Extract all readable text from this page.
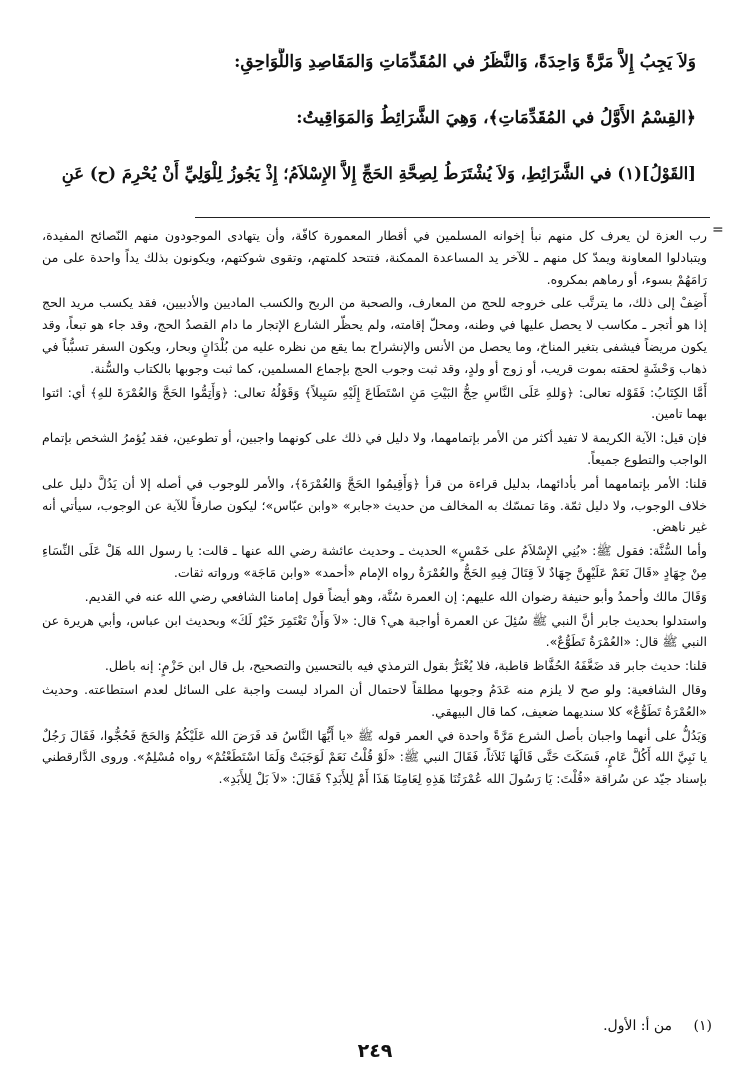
وَلاَ يَجِبُ إِلاَّ مَرَّةً وَاحِدَةً، وَالنَّظَرُ في المُقَدِّمَاتِ وَالمَقَاصِدِ وَاللَّوَاحِقِ:
﴿القِسْمُ الأَوَّلُ في المُقَدِّمَاتِ﴾، وَهِيَ الشَّرَائِطُ وَالمَوَاقِيتُ:
[القَوْلُ](١) في الشَّرَائِطِ، وَلاَ يُشْتَرَطُ لِصِحَّةِ الحَجِّ إِلاَّ الإِسْلاَمُ؛ إِذْ يَجُوزُ لِلْوَلِيِّ أَنْ يُحْرِمَ (ح) عَنِ
=

رب العزة لن يعرف كل منهم نبأ إخوانه المسلمين في أقطار المعمورة كافّة، وأن يتهادى الموجودون منهم النّصائح المفيدة، ويتبادلوا المعاونة ويمدّ كل منهم ـ للآخر يد المساعدة الممكنة، فتتحد كلمتهم، وتقوى شوكتهم، ويكونون بذلك يداً واحدة على من رَامَهُمْ بسوء، أو رماهم بمكروه.

أَضِفْ إلى ذلك، ما يترتَّب على خروجه للحج من المعارف، والصحبة من الربح والكسب الماديين والأدبيين، فقد يكسب مريد الحج إذا هو أتجر ـ مكاسب لا يحصل عليها في وطنه، ومحلّ إقامته، ولم يحظّر الشارع الإتجار ما دام القصدُ الحج، وقد جاء هو تبعاً، وقد يكون مريضاً فيشفى بتغير المناخ، وما يحصل من الأنس والإنشراح بما يقع من نظره عليه من بُلْدَانٍ وبحار، ويكون السفر تسبُّباً في ذهاب وَحْشَةٍ لحقته بموت قريب، أو زوج أو ولدٍ، وقد ثبت وجوب الحج بإجماع المسلمين، كما ثبت وجوبها بالكتاب والسُّنة.

أَمَّا الكِتَابُ: فَقَوْله تعالى: ﴿وَللهِ عَلَى النَّاسِ حِجُّ البَيْتِ مَنِ اسْتَطَاعَ إِلَيْهِ سَبِيلاً﴾ وَقَوْلُهُ تعالى: ﴿وَأَتِمُّوا الحَجَّ وَالعُمْرَةَ للهِ﴾ أي: ائتوا بهما تامين.

فإن قيل: الآية الكريمة لا تفيد أكثر من الأمر بإتمامهما، ولا دليل في ذلك على كونهما واجبين، أو تطوعين، فقد يُؤمرُ الشخص بإتمام الواجب والتطوع جميعاً.

قلنا: الأمر بإتمامهما أمر بأدائهما، بدليل قراءة من قرأ ﴿وَأَقِيمُوا الحَجَّ وَالعُمْرَةَ﴾، والأمر للوجوب في أصله إلا أن يَدُلَّ دليل على خلاف الوجوب، ولا دليل ثمّة. ومَا تمسّك به المخالف من حديث «جابر» «وابن عبّاس»؛ ليكون صارفاً للآية عن الوجوب، سيأتي أنه غير ناهض.

وأما السُّنَّة: فقول ﷺ: «بُنِي الإِسْلاَمُ على خَمْسٍ» الحديث ـ وحديث عائشة رضي الله عنها ـ قالت: يا رسول الله هَلْ عَلَى النِّسَاءِ مِنْ جِهَادٍ «قَالَ نَعَمْ عَلَيْهِنَّ جِهَادٌ لاَ قِتَالَ فِيهِ الحَجُّ والعُمْرَةُ رواه الإمام «أحمد» «وابن مَاجَة» ورواته ثقات.

وَقَالَ مالك وأحمدُ وأبو حنيفة رضوان الله عليهم: إن العمرة سُنَّة، وهو أيضاً قول إمامنا الشافعي رضي الله عنه في القديم.

واستدلوا بحديث جابر أنَّ النبي ﷺ سُئِلَ عن العمرة أواجبة هي؟ قال: «لاَ وَأَنْ تَعْتَمِرَ خَيْرٌ لَكَ» وبحديث ابن عباس، وأبي هريرة عن النبي ﷺ قال: «العُمْرَةُ تَطَوُّعٌ».

قلنا: حديث جابر قد ضَعَّفَهُ الحُفَّاظ قاطبة، فلا يُغْتَرُّ بقول الترمذي فيه بالتحسين والتصحيح، بل قال ابن حَزْمٍ: إنه باطل.

وقال الشافعية: ولو صح لا يلزم منه عَدَمُ وجوبها مطلقاً لاحتمال أن المراد ليست واجبة على السائل لعدم استطاعته. وحديث «العُمْرَةُ تَطَوُّعٌ» كلا سنديهما ضعيف، كما قال البيهقي.

وَيَدُلُّ على أنهما واجبان بأصل الشرع مَرَّةً واحدة في العمر قوله ﷺ «يا أَيُّهَا النَّاسُ قد فَرَضَ الله عَلَيْكُمُ وَالحَجَ فَحُجُّوا، فَقَالَ رَجُلٌ يا نَبِيَّ الله أَكُلَّ عَامٍ، فَسَكَتَ حَتَّى قَالَهَا ثَلاَثاً، فَقَالَ النبي ﷺ: «لَوْ قُلْتُ نَعَمْ لَوَجَبَتْ وَلَمَا اسْتَطَعْتُمْ» رواه مُسْلِمٌ». وروى الدَّارقطني بإسناد جيّد عن سُراقة «قُلْتَ: يَا رَسُولَ الله عُمْرَتُنَا هَذِهِ لِعَامِنَا هَذَا أَمْ لِلأَبَدِ؟ فَقَالَ: «لاَ بَلْ لِلأَبَدِ».

(١)من أ: الأول.
٢٤٩
